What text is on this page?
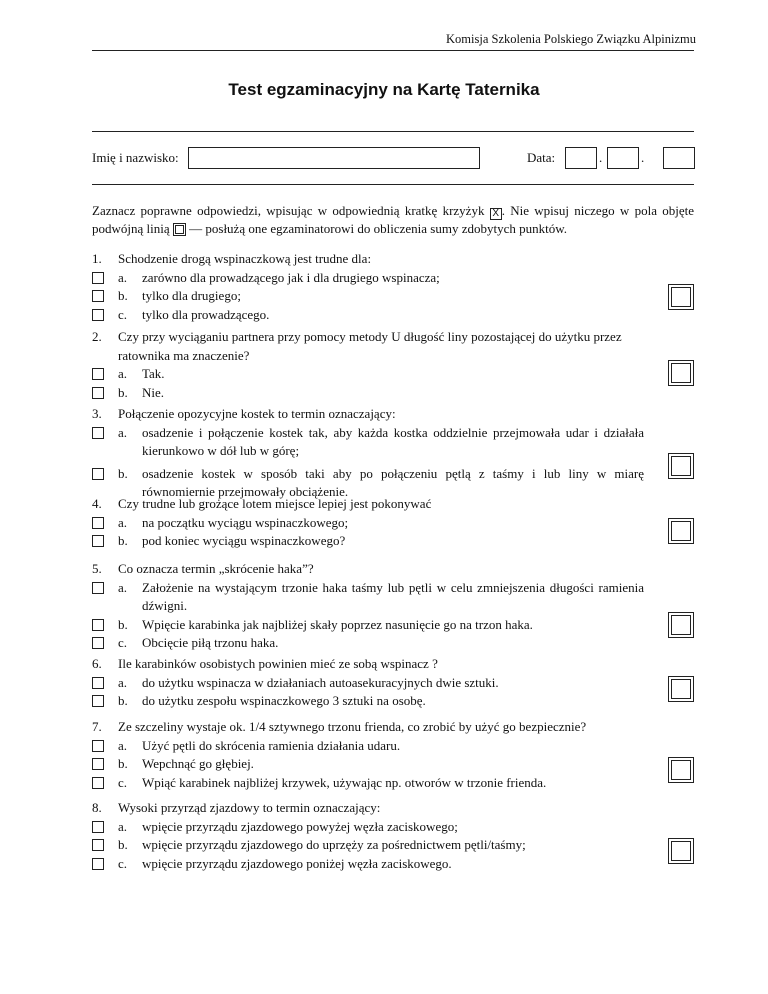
Komisja Szkolenia Polskiego Związku Alpinizmu
Test egzaminacyjny na Kartę Taternika
Imię i nazwisko:	Data:	.	.
Zaznacz poprawne odpowiedzi, wpisując w odpowiednią kratkę krzyżyk X . Nie wpisuj niczego w pola objęte podwójną linią — posłużą one egzaminatorowi do obliczenia sumy zdobytych punktów.
1.	Schodzenie drogą wspinaczkową jest trudne dla:
a. zarówno dla prowadzącego jak i dla drugiego wspinacza;
b. tylko dla drugiego;
c. tylko dla prowadzącego.
2.	Czy przy wyciąganiu partnera przy pomocy metody U długość liny pozostającej do użytku przez ratownika ma znaczenie?
a. Tak.
b. Nie.
3.	Połączenie opozycyjne kostek to termin oznaczający:
a. osadzenie i połączenie kostek tak, aby każda kostka oddzielnie przejmowała udar i działała kierunkowo w dół lub w górę;
b. osadzenie kostek w sposób taki aby po połączeniu pętlą z taśmy i lub liny w miarę równomiernie przejmowały obciążenie.
4.	Czy trudne lub grożące lotem miejsce lepiej jest pokonywać
a. na początku wyciągu wspinaczkowego;
b. pod koniec wyciągu wspinaczkowego?
5.	Co oznacza termin „skrócenie haka”?
a. Założenie na wystającym trzonie haka taśmy lub pętli w celu zmniejszenia długości ramienia dźwigni.
b. Wpięcie karabinka jak najbliżej skały poprzez nasunięcie go na trzon haka.
c. Obcięcie piłą trzonu haka.
6.	Ile karabinków osobistych powinien mieć ze sobą wspinacz ?
a. do użytku wspinacza w działaniach autoasekuracyjnych dwie sztuki.
b. do użytku zespołu wspinaczkowego 3 sztuki na osobę.
7.	Ze szczeliny wystaje ok. 1/4 sztywnego trzonu frienda, co zrobić by użyć go bezpiecznie?
a. Użyć pętli do skrócenia ramienia działania udaru.
b. Wepchnąć go głębiej.
c. Wpiąć karabinek najbliżej krzywek, używając np. otworów w trzonie frienda.
8.	Wysoki przyrząd zjazdowy to termin oznaczający:
a. wpięcie przyrządu zjazdowego powyżej węzła zaciskowego;
b. wpięcie przyrządu zjazdowego do uprzęży za pośrednictwem pętli/taśmy;
c. wpięcie przyrządu zjazdowego poniżej węzła zaciskowego.
